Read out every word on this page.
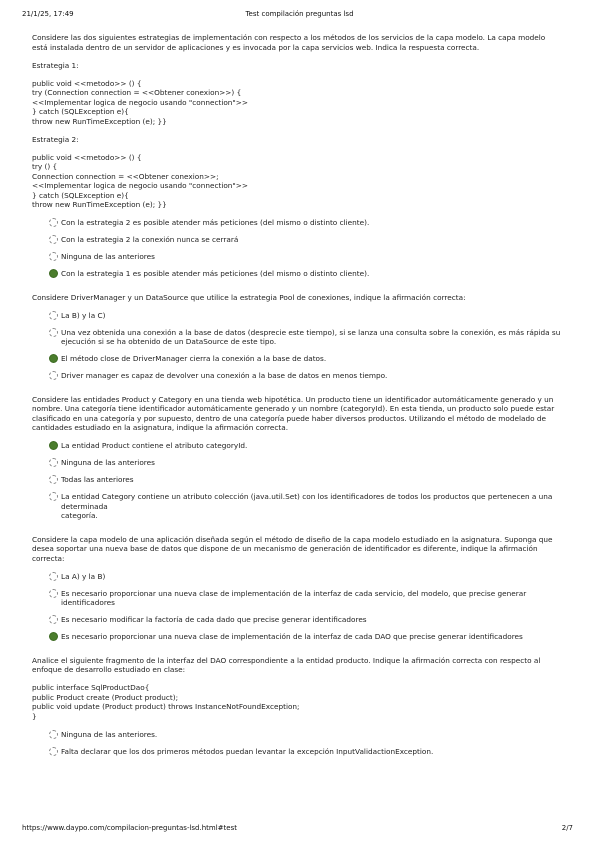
21/1/25, 17:49	Test compilación preguntas lsd

Considere las dos siguientes estrategias de implementación con respecto a los métodos de los servicios de la capa modelo. La capa modelo está instalada dentro de un servidor de aplicaciones y es invocada por la capa servicios web. Indica la respuesta correcta.

Estrategia 1:
public void <<metodo>> () {
try (Connection connection = <<Obtener conexion>>) {
<<Implementar logica de negocio usando "connection">>
} catch (SQLException e){
throw new RunTimeException (e); }}
Estrategia 2:
public void <<metodo>> () {
try () {
Connection connection = <<Obtener conexion>>;
<<Implementar logica de negocio usando "connection">>
} catch (SQLException e){
throw new RunTimeException (e); }}
Con la estrategia 2 es posible atender más peticiones (del mismo o distinto cliente).
Con la estrategia 2 la conexión nunca se cerrará
Ninguna de las anteriores
Con la estrategia 1 es posible atender más peticiones (del mismo o distinto cliente).

Considere DriverManager y un DataSource que utilice la estrategia Pool de conexiones, indique la afirmación correcta:

La B) y la C)
Una vez obtenida una conexión a la base de datos (desprecie este tiempo), si se lanza una consulta sobre la conexión, es más rápida su ejecución si se ha obtenido de un DataSource de este tipo.
El método close de DriverManager cierra la conexión a la base de datos.
Driver manager es capaz de devolver una conexión a la base de datos en menos tiempo.

Considere las entidades Product y Category en una tienda web hipotética. Un producto tiene un identificador automáticamente generado y un nombre. Una categoría tiene identificador automáticamente generado y un nombre (categoryId). En esta tienda, un producto solo puede estar clasificado en una categoría y por supuesto, dentro de una categoría puede haber diversos productos. Utilizando el método de modelado de cantidades estudiado en la asignatura, indique la afirmación correcta.

La entidad Product contiene el atributo categoryId.
Ninguna de las anteriores
Todas las anteriores
La entidad Category contiene un atributo colección (java.util.Set) con los identificadores de todos los productos que pertenecen a una determinada
categoría.

Considere la capa modelo de una aplicación diseñada según el método de diseño de la capa modelo estudiado en la asignatura. Suponga que desea soportar una nueva base de datos que dispone de un mecanismo de generación de identificador es diferente, indique la afirmación correcta:

La A) y la B)
Es necesario proporcionar una nueva clase de implementación de la interfaz de cada servicio, del modelo, que precise generar identificadores
Es necesario modificar la factoría de cada dado que precise generar identificadores
Es necesario proporcionar una nueva clase de implementación de la interfaz de cada DAO que precise generar identificadores

Analice el siguiente fragmento de la interfaz del DAO correspondiente a la entidad producto. Indique la afirmación correcta con respecto al enfoque de desarrollo estudiado en clase:

public interface SqlProductDao{
public Product create (Product product);
public void update (Product product) throws InstanceNotFoundException;
}
Ninguna de las anteriores.
Falta declarar que los dos primeros métodos puedan levantar la excepción InputValidactionException.
https://www.daypo.com/compilacion-preguntas-lsd.html#test	2/7
